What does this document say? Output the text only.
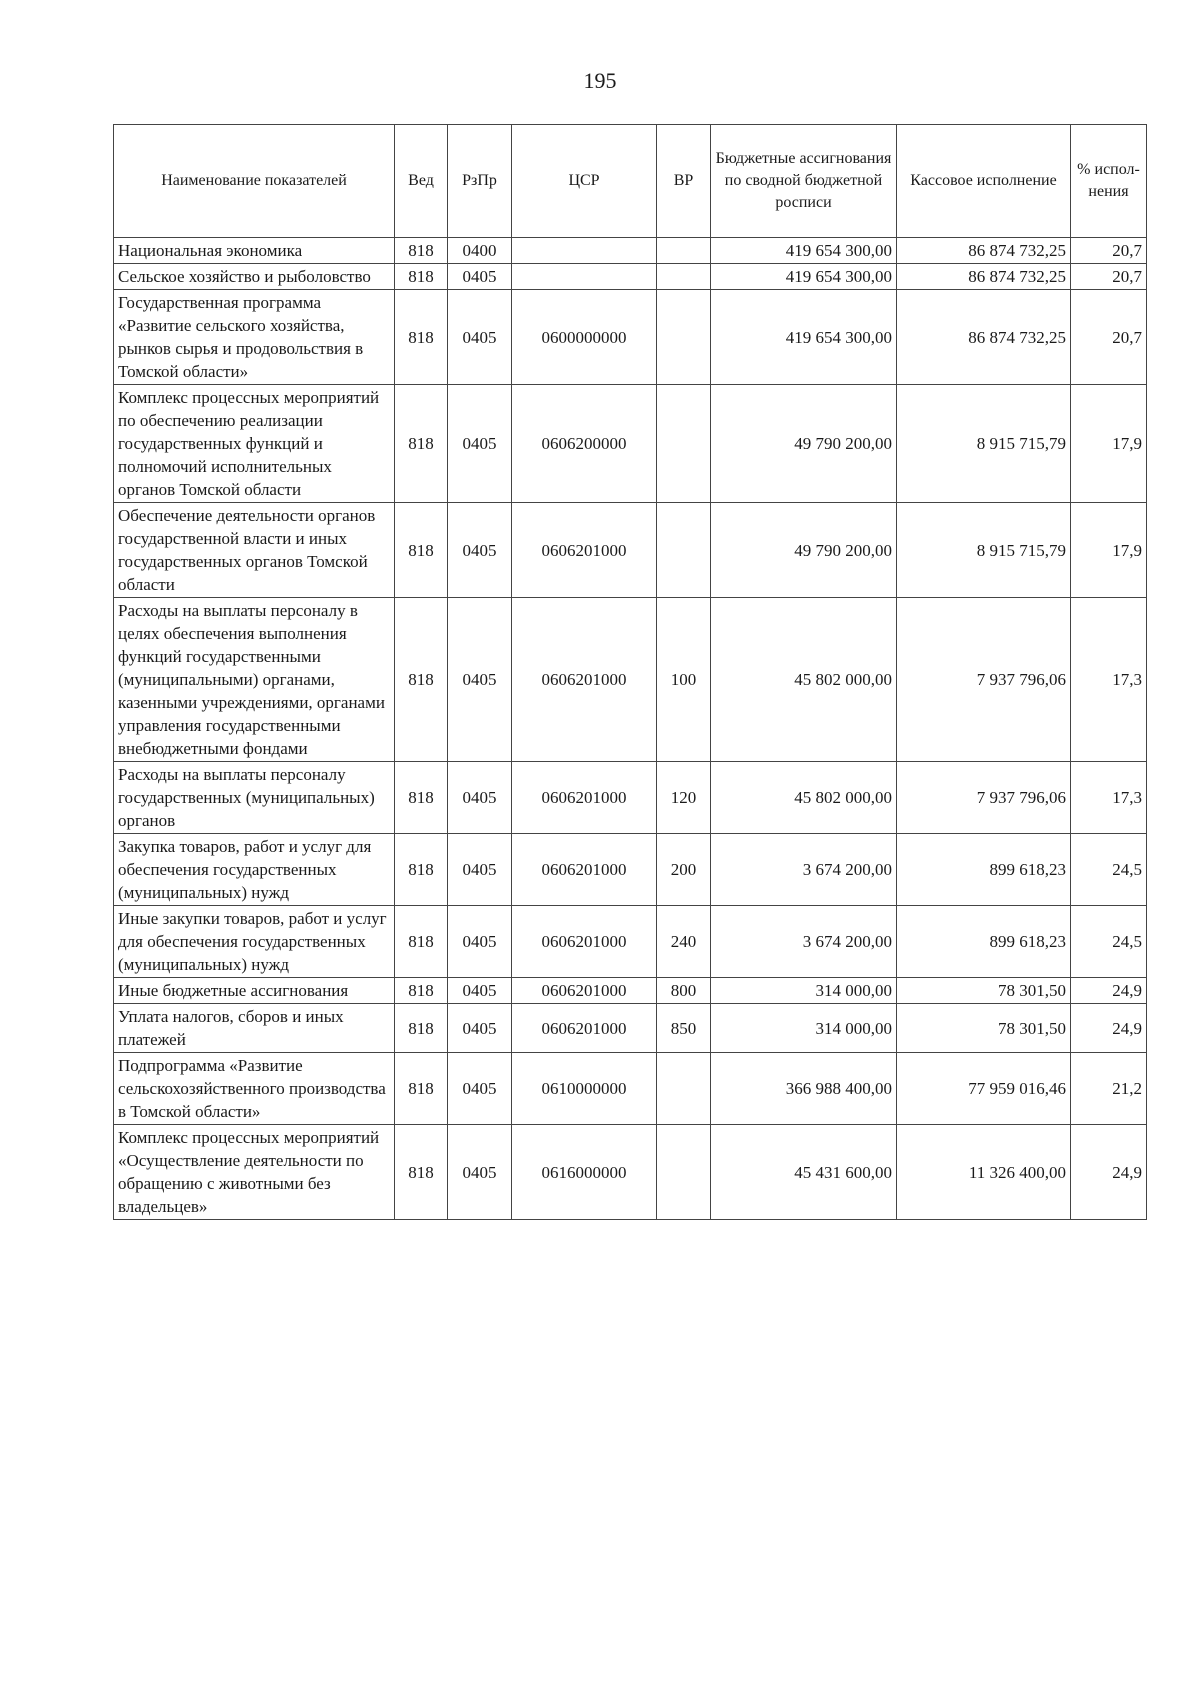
195
Наименование показателей	Вед	РзПр	ЦСР	ВР	Бюджетные ассигнования по сводной бюджетной росписи	Кассовое исполнение	% испол-нения
Национальная экономика	818	0400			419 654 300,00	86 874 732,25	20,7
Сельское хозяйство и рыболовство	818	0405			419 654 300,00	86 874 732,25	20,7
Государственная программа «Развитие сельского хозяйства, рынков сырья и продовольствия в Томской области»	818	0405	0600000000		419 654 300,00	86 874 732,25	20,7
Комплекс процессных мероприятий по обеспечению реализации государственных функций и полномочий исполнительных органов Томской области	818	0405	0606200000		49 790 200,00	8 915 715,79	17,9
Обеспечение деятельности органов государственной власти и иных государственных органов Томской области	818	0405	0606201000		49 790 200,00	8 915 715,79	17,9
Расходы на выплаты персоналу в целях обеспечения выполнения функций государственными (муниципальными) органами, казенными учреждениями, органами управления государственными внебюджетными фондами	818	0405	0606201000	100	45 802 000,00	7 937 796,06	17,3
Расходы на выплаты персоналу государственных (муниципальных) органов	818	0405	0606201000	120	45 802 000,00	7 937 796,06	17,3
Закупка товаров, работ и услуг для обеспечения государственных (муниципальных) нужд	818	0405	0606201000	200	3 674 200,00	899 618,23	24,5
Иные закупки товаров, работ и услуг для обеспечения государственных (муниципальных) нужд	818	0405	0606201000	240	3 674 200,00	899 618,23	24,5
Иные бюджетные ассигнования	818	0405	0606201000	800	314 000,00	78 301,50	24,9
Уплата налогов, сборов и иных платежей	818	0405	0606201000	850	314 000,00	78 301,50	24,9
Подпрограмма «Развитие сельскохозяйственного производства в Томской области»	818	0405	0610000000		366 988 400,00	77 959 016,46	21,2
Комплекс процессных мероприятий «Осуществление деятельности по обращению с животными без владельцев»	818	0405	0616000000		45 431 600,00	11 326 400,00	24,9
